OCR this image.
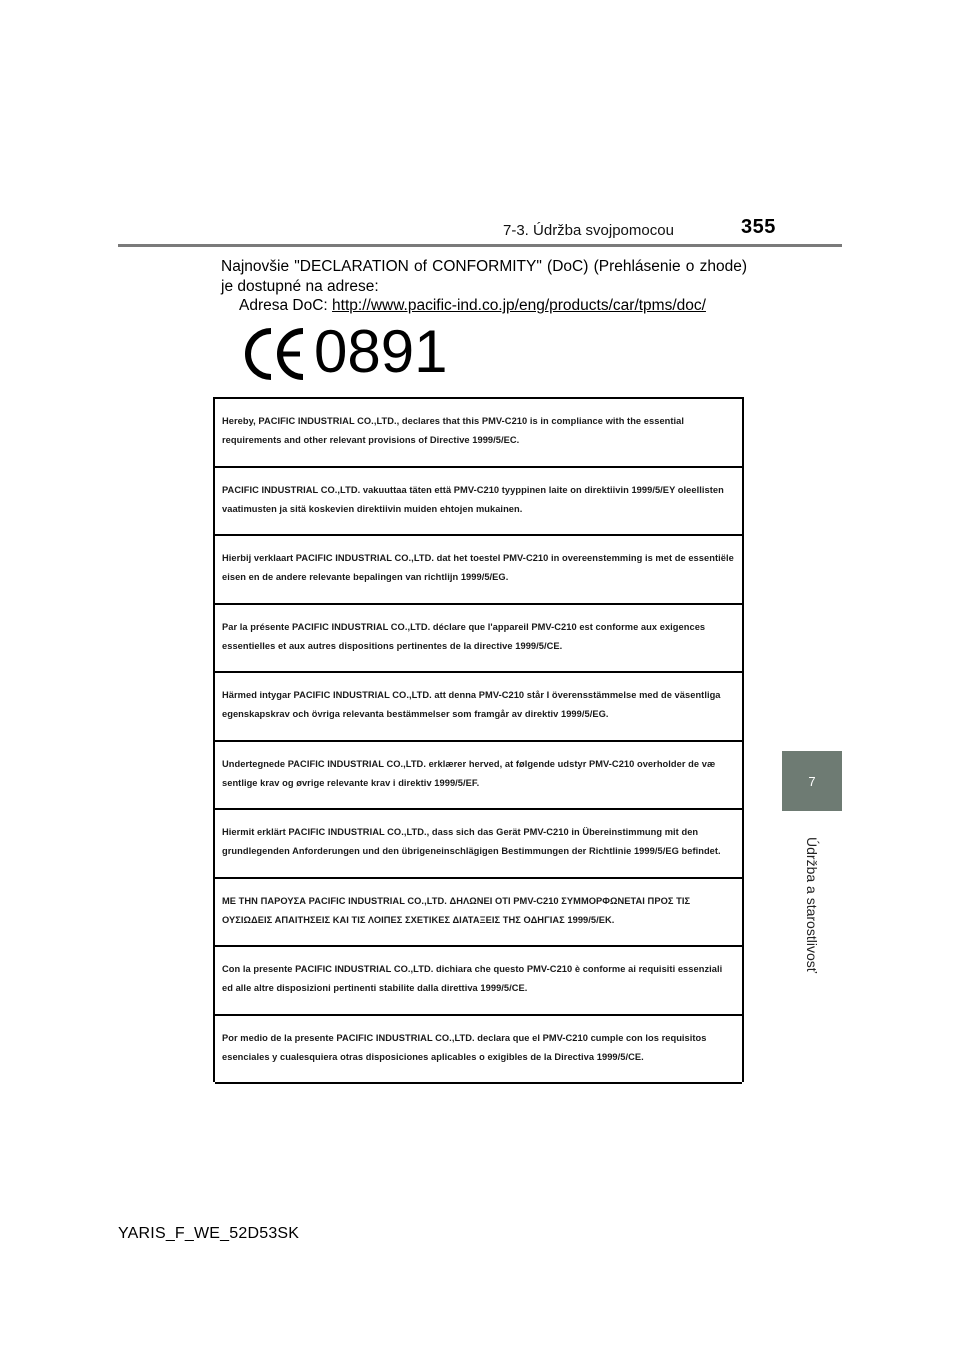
7-3. Údržba svojpomocou	355
7
Údržba a starostlivosť

Najnovšie "DECLARATION of CONFORMITY" (DoC) (Prehlásenie o zhode) je dostupné na adrese:

Adresa DoC: http://www.pacific-ind.co.jp/eng/products/car/tpms/doc/
0891
Hereby, PACIFIC INDUSTRIAL CO.,LTD., declares that this PMV-C210 is in compliance with the essential requirements and other relevant provisions of Directive 1999/5/EC.
PACIFIC INDUSTRIAL CO.,LTD. vakuuttaa täten että PMV-C210 tyyppinen laite on direktiivin 1999/5/EY oleellisten vaatimusten ja sitä koskevien direktiivin muiden ehtojen mukainen.
Hierbij verklaart PACIFIC INDUSTRIAL CO.,LTD. dat het toestel PMV-C210 in overeenstemming is met de essentiële eisen en de andere relevante bepalingen van richtlijn 1999/5/EG.
Par la présente PACIFIC INDUSTRIAL CO.,LTD. déclare que l'appareil PMV-C210 est conforme aux exigences essentielles et aux autres dispositions pertinentes de la directive 1999/5/CE.
Härmed intygar PACIFIC INDUSTRIAL CO.,LTD. att denna PMV-C210 står I överensstämmelse med de väsentliga egenskapskrav och övriga relevanta bestämmelser som framgår av direktiv 1999/5/EG.
Undertegnede PACIFIC INDUSTRIAL CO.,LTD. erklærer herved, at følgende udstyr PMV-C210 overholder de væ sentlige krav og øvrige relevante krav i direktiv 1999/5/EF.
Hiermit erklärt PACIFIC INDUSTRIAL CO.,LTD., dass sich das Gerät PMV-C210 in Übereinstimmung mit den grundlegenden Anforderungen und den übrigeneinschlägigen Bestimmungen der Richtlinie 1999/5/EG befindet.
ΜΕ ΤΗΝ ΠΑΡΟΥΣΑ PACIFIC INDUSTRIAL CO.,LTD. ΔΗΛΩΝΕΙ ΟΤΙ PMV-C210 ΣΥΜΜΟΡΦΩΝΕΤΑΙ ΠΡΟΣ ΤΙΣ ΟΥΣΙΩΔΕΙΣ ΑΠΑΙΤΗΣΕΙΣ ΚΑΙ ΤΙΣ ΛΟΙΠΕΣ ΣΧΕΤΙΚΕΣ ΔΙΑΤΑΞΕΙΣ ΤΗΣ ΟΔΗΓΙΑΣ 1999/5/ΕΚ.
Con la presente PACIFIC INDUSTRIAL CO.,LTD. dichiara che questo PMV-C210 è conforme ai requisiti essenziali ed alle altre disposizioni pertinenti stabilite dalla direttiva 1999/5/CE.
Por medio de la presente PACIFIC INDUSTRIAL CO.,LTD. declara que el PMV-C210 cumple con los requisitos esenciales y cualesquiera otras disposiciones aplicables o exigibles de la Directiva 1999/5/CE.
YARIS_F_WE_52D53SK
